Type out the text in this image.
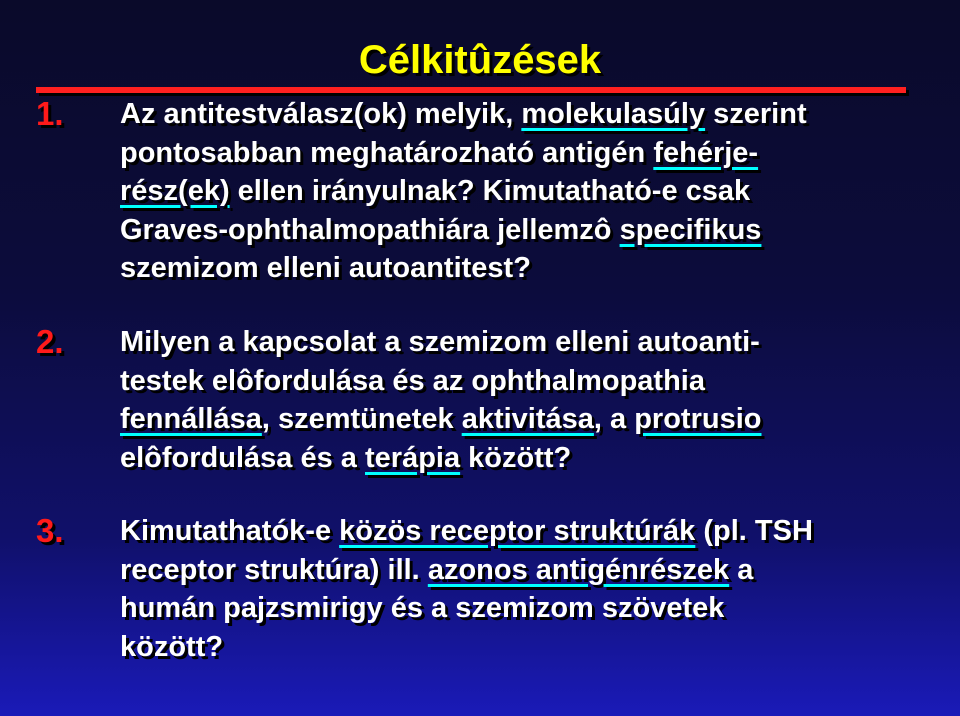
Célkitûzések
1. Az antitestválasz(ok) melyik, molekulasúly szerint
pontosabban meghatározható antigén fehérje-
rész(ek) ellen irányulnak? Kimutatható-e csak
Graves-ophthalmopathiára jellemzô specifikus
szemizom elleni autoantitest?
2. Milyen a kapcsolat a szemizom elleni autoanti-
testek elôfordulása és az ophthalmopathia
fennállása, szemtünetek aktivitása, a protrusio
elôfordulása és a terápia között?
3. Kimutathatók-e közös receptor struktúrák (pl. TSH
receptor struktúra) ill. azonos antigénrészek a
humán pajzsmirigy és a szemizom szövetek
között?
